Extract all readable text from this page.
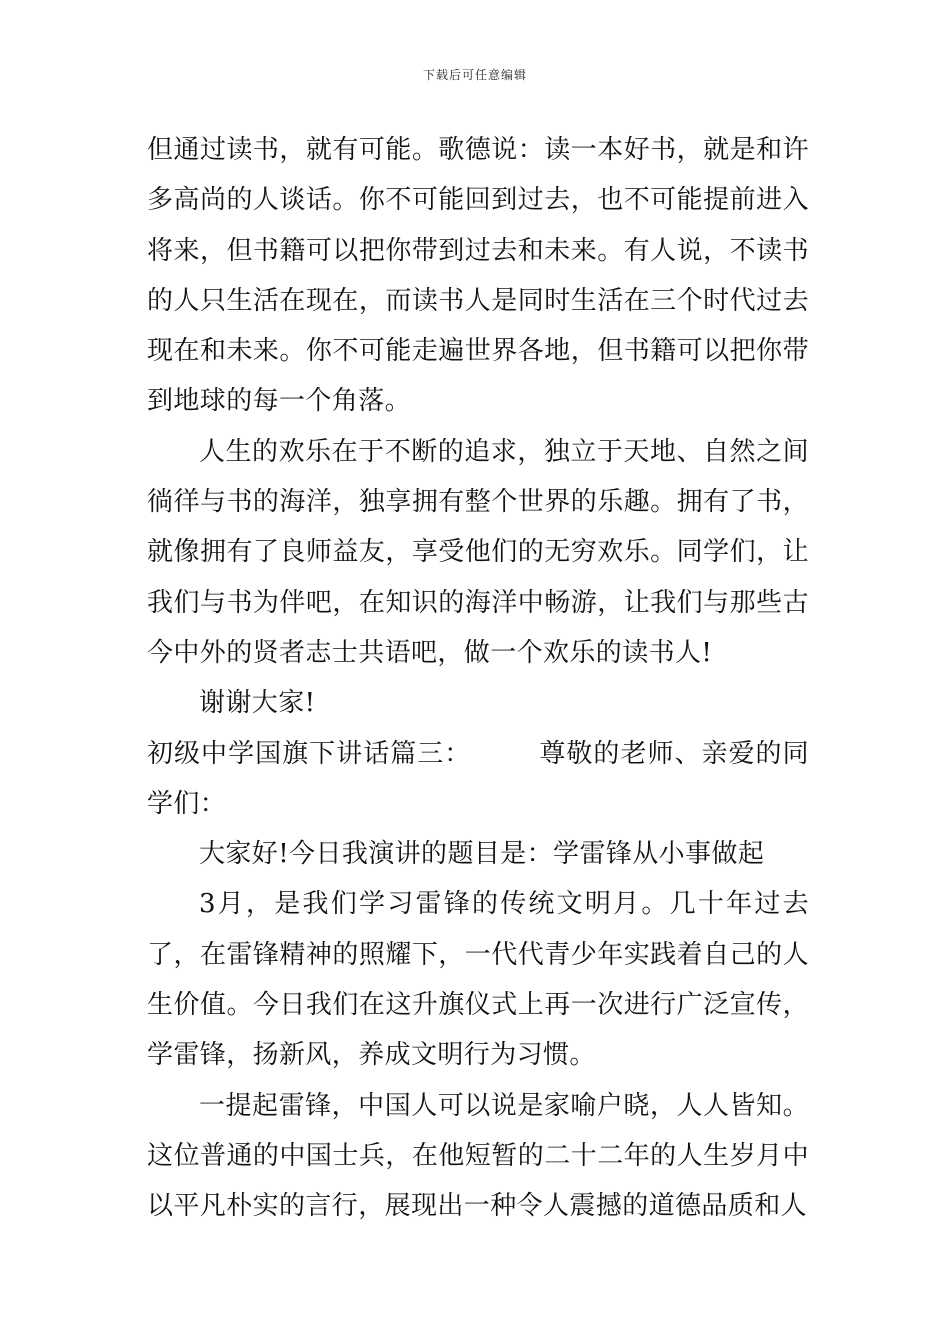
下载后可任意编辑

但通过读书，就有可能。歌德说：读一本好书，就是和许多高尚的人谈话。你不可能回到过去，也不可能提前进入将来，但书籍可以把你带到过去和未来。有人说，不读书的人只生活在现在，而读书人是同时生活在三个时代过去现在和未来。你不可能走遍世界各地，但书籍可以把你带到地球的每一个角落。

人生的欢乐在于不断的追求，独立于天地、自然之间徜徉与书的海洋，独享拥有整个世界的乐趣。拥有了书，就像拥有了良师益友，享受他们的无穷欢乐。同学们，让我们与书为伴吧，在知识的海洋中畅游，让我们与那些古今中外的贤者志士共语吧，做一个欢乐的读书人!

谢谢大家!

初级中学国旗下讲话篇三：　　　尊敬的老师、亲爱的同学们：

大家好!今日我演讲的题目是：学雷锋从小事做起

3月，是我们学习雷锋的传统文明月。几十年过去了，在雷锋精神的照耀下，一代代青少年实践着自己的人生价值。今日我们在这升旗仪式上再一次进行广泛宣传，学雷锋，扬新风，养成文明行为习惯。

一提起雷锋，中国人可以说是家喻户晓，人人皆知。这位普通的中国士兵，在他短暂的二十二年的人生岁月中以平凡朴实的言行，展现出一种令人震撼的道德品质和人
